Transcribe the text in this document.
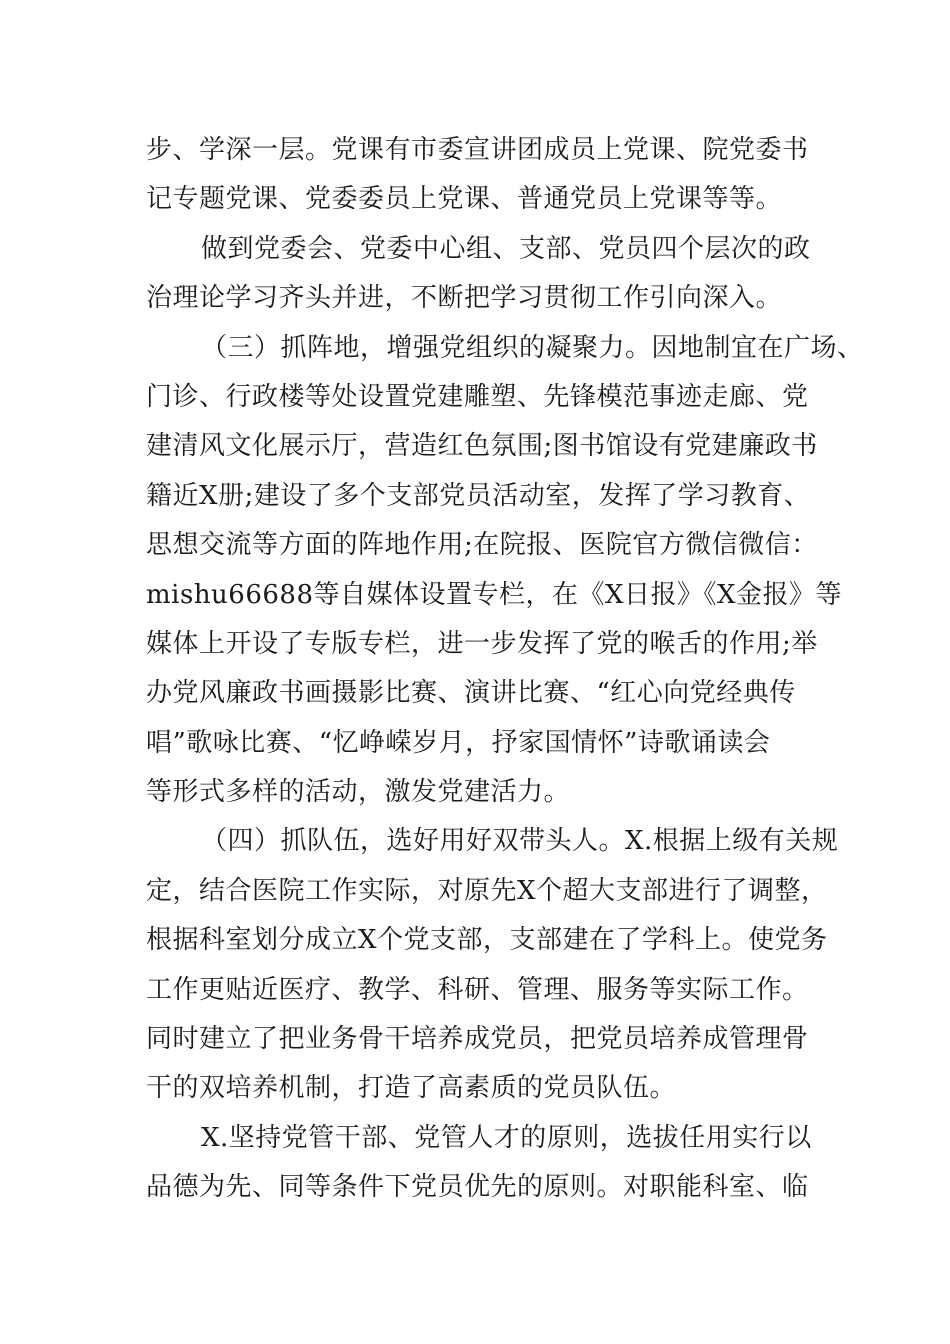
步、学深一层。党课有市委宣讲团成员上党课、院党委书
记专题党课、党委委员上党课、普通党员上党课等等。
做到党委会、党委中心组、支部、党员四个层次的政
治理论学习齐头并进，不断把学习贯彻工作引向深入。
（三）抓阵地，增强党组织的凝聚力。因地制宜在广场、
门诊、行政楼等处设置党建雕塑、先锋模范事迹走廊、党
建清风文化展示厅，营造红色氛围;图书馆设有党建廉政书
籍近X册;建设了多个支部党员活动室，发挥了学习教育、
思想交流等方面的阵地作用;在院报、医院官方微信微信：
mishu66688等自媒体设置专栏，在《X日报》《X金报》等
媒体上开设了专版专栏，进一步发挥了党的喉舌的作用;举
办党风廉政书画摄影比赛、演讲比赛、“红心向党经典传
唱”歌咏比赛、“忆峥嵘岁月，抒家国情怀”诗歌诵读会
等形式多样的活动，激发党建活力。
（四）抓队伍，选好用好双带头人。X.根据上级有关规
定，结合医院工作实际，对原先X个超大支部进行了调整，
根据科室划分成立X个党支部，支部建在了学科上。使党务
工作更贴近医疗、教学、科研、管理、服务等实际工作。
同时建立了把业务骨干培养成党员，把党员培养成管理骨
干的双培养机制，打造了高素质的党员队伍。
X.坚持党管干部、党管人才的原则，选拔任用实行以
品德为先、同等条件下党员优先的原则。对职能科室、临
